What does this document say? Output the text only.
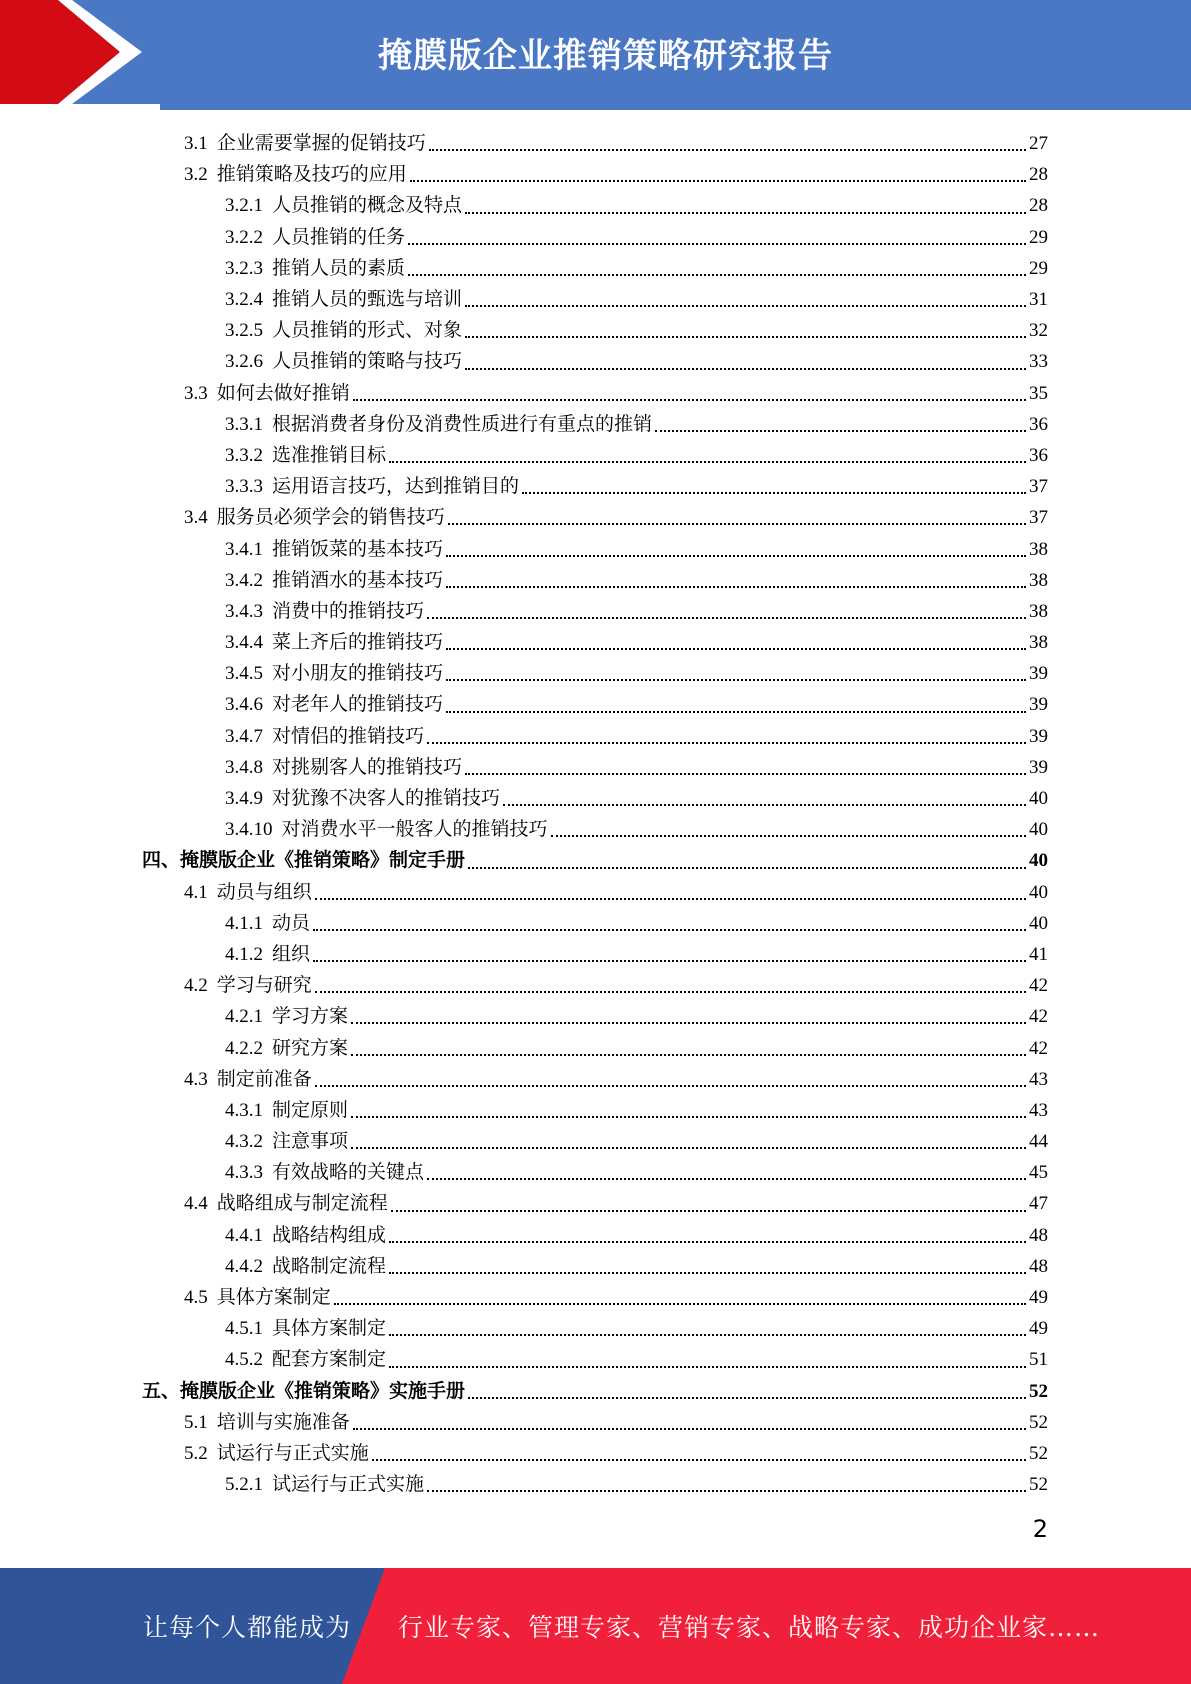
掩膜版企业推销策略研究报告
3.1 企业需要掌握的促销技巧	27
3.2 推销策略及技巧的应用	28
3.2.1 人员推销的概念及特点	28
3.2.2 人员推销的任务	29
3.2.3 推销人员的素质	29
3.2.4 推销人员的甄选与培训	31
3.2.5 人员推销的形式、对象	32
3.2.6 人员推销的策略与技巧	33
3.3 如何去做好推销	35
3.3.1 根据消费者身份及消费性质进行有重点的推销	36
3.3.2 选准推销目标	36
3.3.3 运用语言技巧，达到推销目的	37
3.4 服务员必须学会的销售技巧	37
3.4.1 推销饭菜的基本技巧	38
3.4.2 推销酒水的基本技巧	38
3.4.3 消费中的推销技巧	38
3.4.4 菜上齐后的推销技巧	38
3.4.5 对小朋友的推销技巧	39
3.4.6 对老年人的推销技巧	39
3.4.7 对情侣的推销技巧	39
3.4.8 对挑剔客人的推销技巧	39
3.4.9 对犹豫不决客人的推销技巧	40
3.4.10 对消费水平一般客人的推销技巧	40
四、 掩膜版企业《推销策略》制定手册	40
4.1 动员与组织	40
4.1.1 动员	40
4.1.2 组织	41
4.2 学习与研究	42
4.2.1 学习方案	42
4.2.2 研究方案	42
4.3 制定前准备	43
4.3.1 制定原则	43
4.3.2 注意事项	44
4.3.3 有效战略的关键点	45
4.4 战略组成与制定流程	47
4.4.1 战略结构组成	48
4.4.2 战略制定流程	48
4.5 具体方案制定	49
4.5.1 具体方案制定	49
4.5.2 配套方案制定	51
五、 掩膜版企业《推销策略》实施手册	52
5.1 培训与实施准备	52
5.2 试运行与正式实施	52
5.2.1 试运行与正式实施	52
2
让每个人都能成为 行业专家、管理专家、营销专家、战略专家、成功企业家……
